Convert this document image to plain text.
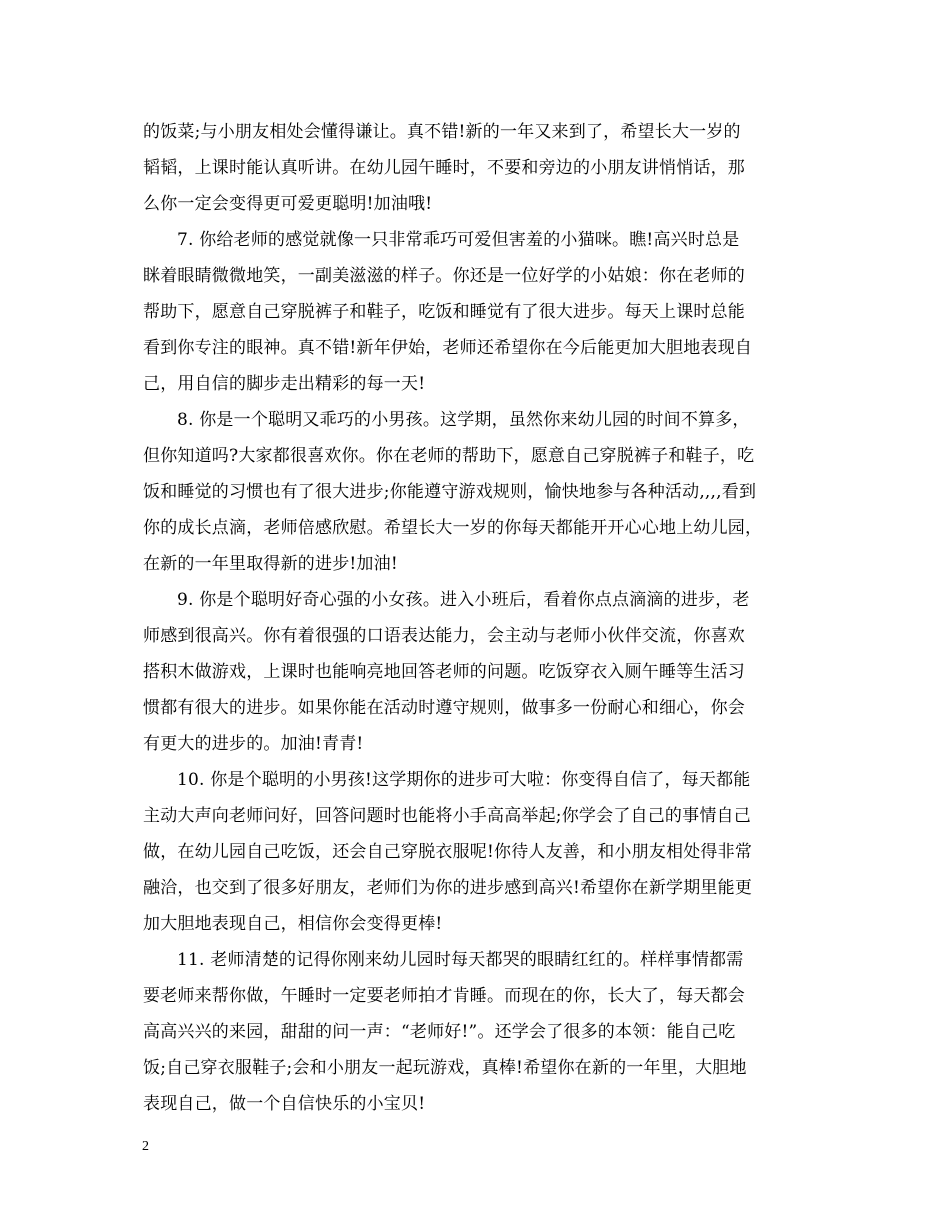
的饭菜;与小朋友相处会懂得谦让。真不错!新的一年又来到了，希望长大一岁的
韬韬，上课时能认真听讲。在幼儿园午睡时，不要和旁边的小朋友讲悄悄话，那
么你一定会变得更可爱更聪明!加油哦!
7. 你给老师的感觉就像一只非常乖巧可爱但害羞的小猫咪。瞧!高兴时总是
眯着眼睛微微地笑，一副美滋滋的样子。你还是一位好学的小姑娘：你在老师的
帮助下，愿意自己穿脱裤子和鞋子，吃饭和睡觉有了很大进步。每天上课时总能
看到你专注的眼神。真不错!新年伊始，老师还希望你在今后能更加大胆地表现自
己，用自信的脚步走出精彩的每一天!
8. 你是一个聪明又乖巧的小男孩。这学期，虽然你来幼儿园的时间不算多，
但你知道吗?大家都很喜欢你。你在老师的帮助下，愿意自己穿脱裤子和鞋子，吃
饭和睡觉的习惯也有了很大进步;你能遵守游戏规则，愉快地参与各种活动,,,,看到
你的成长点滴，老师倍感欣慰。希望长大一岁的你每天都能开开心心地上幼儿园，
在新的一年里取得新的进步!加油!
9. 你是个聪明好奇心强的小女孩。进入小班后，看着你点点滴滴的进步，老
师感到很高兴。你有着很强的口语表达能力，会主动与老师小伙伴交流，你喜欢
搭积木做游戏，上课时也能响亮地回答老师的问题。吃饭穿衣入厕午睡等生活习
惯都有很大的进步。如果你能在活动时遵守规则，做事多一份耐心和细心，你会
有更大的进步的。加油!青青!
10. 你是个聪明的小男孩!这学期你的进步可大啦：你变得自信了，每天都能
主动大声向老师问好，回答问题时也能将小手高高举起;你学会了自己的事情自己
做，在幼儿园自己吃饭，还会自己穿脱衣服呢!你待人友善，和小朋友相处得非常
融洽，也交到了很多好朋友，老师们为你的进步感到高兴!希望你在新学期里能更
加大胆地表现自己，相信你会变得更棒!
11. 老师清楚的记得你刚来幼儿园时每天都哭的眼睛红红的。样样事情都需
要老师来帮你做，午睡时一定要老师拍才肯睡。而现在的你，长大了，每天都会
高高兴兴的来园，甜甜的问一声：“老师好!”。还学会了很多的本领：能自己吃
饭;自己穿衣服鞋子;会和小朋友一起玩游戏，真棒!希望你在新的一年里，大胆地
表现自己，做一个自信快乐的小宝贝!
2
